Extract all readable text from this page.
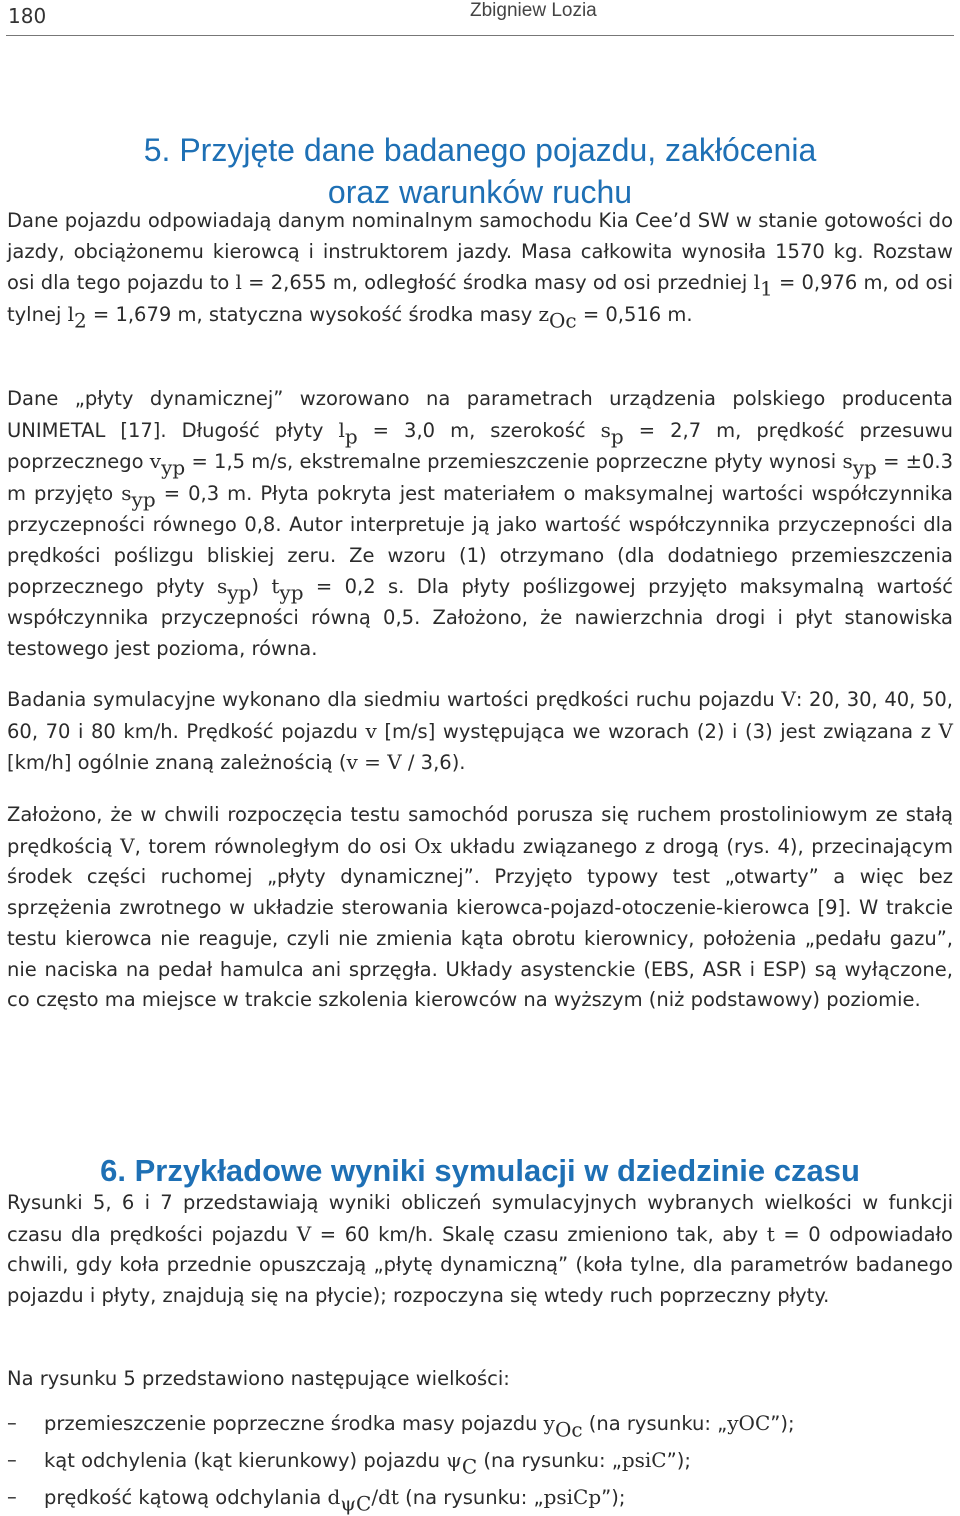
180	Zbigniew Lozia
5. Przyjęte dane badanego pojazdu, zakłócenia
oraz warunków ruchu

Dane pojazdu odpowiadają danym nominalnym samochodu Kia Cee’d SW w stanie gotowości do jazdy, obciążonemu kierowcą i instruktorem jazdy. Masa całkowita wynosiła 1570 kg. Rozstaw osi dla tego pojazdu to l = 2,655 m, odległość środka masy od osi przedniej $l_1 = 0,976$ m, od osi tylnej $l_2 = 1,679$ m, statyczna wysokość środka masy $z_{Oc} = 0,516$ m.

Dane „płyty dynamicznej” wzorowano na parametrach urządzenia polskiego producenta UNIMETAL [17]. Długość płyty $l_p = 3,0$ m, szerokość $s_p = 2,7$ m, prędkość przesuwu poprzecznego $v_{yp} = 1,5$ m/s, ekstremalne przemieszczenie poprzeczne płyty wynosi $s_{yp} = \pm 0.3$ m przyjęto $s_{yp} = 0,3$ m. Płyta pokryta jest materiałem o maksymalnej wartości współczynnika przyczepności równego 0,8. Autor interpretuje ją jako wartość współczynnika przyczepności dla prędkości poślizgu bliskiej zeru. Ze wzoru (1) otrzymano (dla dodatniego przemieszczenia poprzecznego płyty $s_{yp}$) $t_{yp} = 0,2$ s. Dla płyty poślizgowej przyjęto maksymalną wartość współczynnika przyczepności równą 0,5. Założono, że nawierzchnia drogi i płyt stanowiska testowego jest pozioma, równa.

Badania symulacyjne wykonano dla siedmiu wartości prędkości ruchu pojazdu V: 20, 30, 40, 50, 60, 70 i 80 km/h. Prędkość pojazdu v [m/s] występująca we wzorach (2) i (3) jest związana z V [km/h] ogólnie znaną zależnością (v = V / 3,6).

Założono, że w chwili rozpoczęcia testu samochód porusza się ruchem prostoliniowym ze stałą prędkością V, torem równoległym do osi Ox układu związanego z drogą (rys. 4), przecinającym środek części ruchomej „płyty dynamicznej”. Przyjęto typowy test „otwarty” a więc bez sprzężenia zwrotnego w układzie sterowania kierowca-pojazd-otoczenie-kierowca [9]. W trakcie testu kierowca nie reaguje, czyli nie zmienia kąta obrotu kierownicy, położenia „pedału gazu”, nie naciska na pedał hamulca ani sprzęgła. Układy asystenckie (EBS, ASR i ESP) są wyłączone, co często ma miejsce w trakcie szkolenia kierowców na wyższym (niż podstawowy) poziomie.

6. Przykładowe wyniki symulacji w dziedzinie czasu

Rysunki 5, 6 i 7 przedstawiają wyniki obliczeń symulacyjnych wybranych wielkości w funkcji czasu dla prędkości pojazdu V = 60 km/h. Skalę czasu zmieniono tak, aby t = 0 odpowiadało chwili, gdy koła przednie opuszczają „płytę dynamiczną” (koła tylne, dla parametrów badanego pojazdu i płyty, znajdują się na płycie); rozpoczyna się wtedy ruch poprzeczny płyty.

Na rysunku 5 przedstawiono następujące wielkości:

– przemieszczenie poprzeczne środka masy pojazdu $y_{Oc}$ (na rysunku: „yOC”);
– kąt odchylenia (kąt kierunkowy) pojazdu $\psi_C$ (na rysunku: „psiC”);
– prędkość kątową odchylania $d_{\psi C}/dt$ (na rysunku: „psiCp”);
